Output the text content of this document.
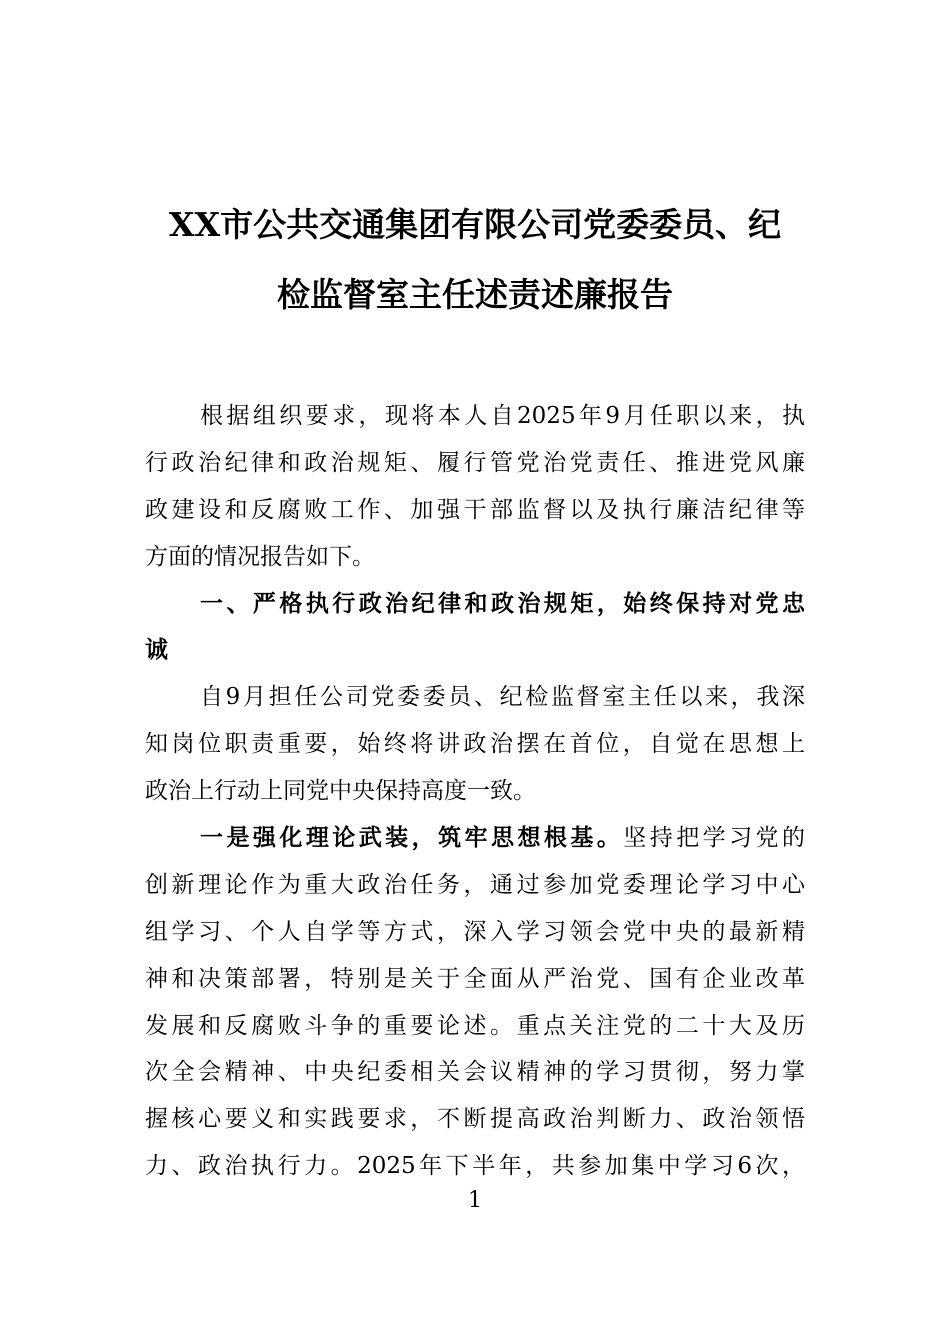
XX市公共交通集团有限公司党委委员、纪
检监督室主任述责述廉报告
根据组织要求，现将本人自2025年9月任职以来，执
行政治纪律和政治规矩、履行管党治党责任、推进党风廉
政建设和反腐败工作、加强干部监督以及执行廉洁纪律等
方面的情况报告如下。
一、严格执行政治纪律和政治规矩，始终保持对党忠
诚
自9月担任公司党委委员、纪检监督室主任以来，我深
知岗位职责重要，始终将讲政治摆在首位，自觉在思想上
政治上行动上同党中央保持高度一致。
一是强化理论武装，筑牢思想根基。坚持把学习党的
创新理论作为重大政治任务，通过参加党委理论学习中心
组学习、个人自学等方式，深入学习领会党中央的最新精
神和决策部署，特别是关于全面从严治党、国有企业改革
发展和反腐败斗争的重要论述。重点关注党的二十大及历
次全会精神、中央纪委相关会议精神的学习贯彻，努力掌
握核心要义和实践要求，不断提高政治判断力、政治领悟
力、政治执行力。2025年下半年，共参加集中学习6次，
1
